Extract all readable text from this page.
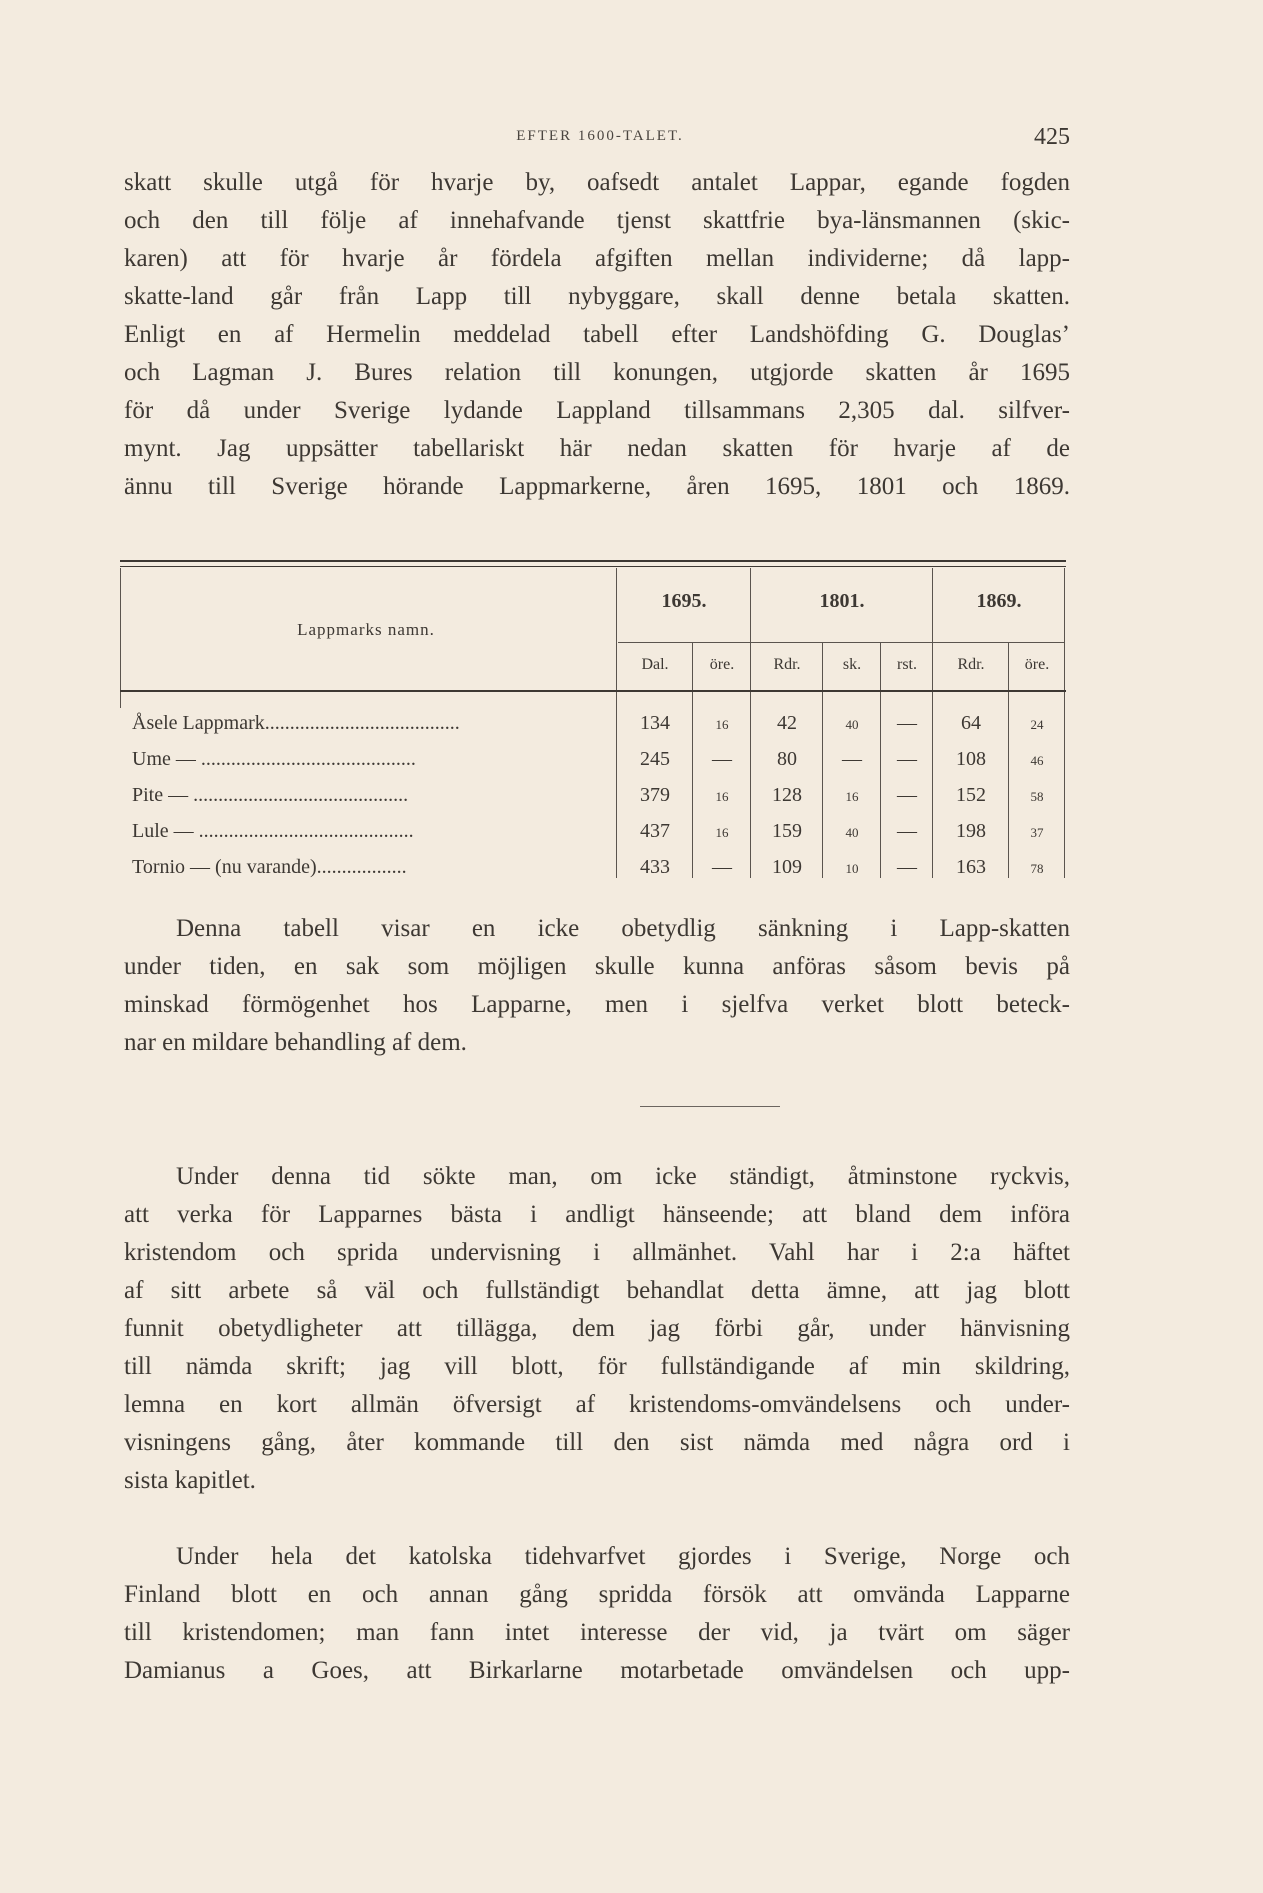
EFTER 1600-TALET.	425
skatt skulle utgå för hvarje by, oafsedt antalet Lappar, egande fogden
och den till följe af innehafvande tjenst skattfrie bya-länsmannen (skic-
karen) att för hvarje år fördela afgiften mellan individerne; då lapp-
skatte-land går från Lapp till nybyggare, skall denne betala skatten.
Enligt en af Hermelin meddelad tabell efter Landshöfding G. Douglas’
och Lagman J. Bures relation till konungen, utgjorde skatten år 1695
för då under Sverige lydande Lappland tillsammans 2,305 dal. silfver-
mynt. Jag uppsätter tabellariskt här nedan skatten för hvarje af de
ännu till Sverige hörande Lappmarkerne, åren 1695, 1801 och 1869.
Lappmarks namn.
1695.	1801.	1869.
Dal.	öre.	Rdr.	sk.	rst.	Rdr.	öre.
Åsele Lappmark.......................................	134	16	42	40	—	64	24
Ume — ...........................................	245	—	80	—	—	108	46
Pite — ...........................................	379	16	128	16	—	152	58
Lule — ...........................................	437	16	159	40	—	198	37
Tornio — (nu varande)..................	433	—	109	10	—	163	78
Denna tabell visar en icke obetydlig sänkning i Lapp-skatten
under tiden, en sak som möjligen skulle kunna anföras såsom bevis på
minskad förmögenhet hos Lapparne, men i sjelfva verket blott beteck-
nar en mildare behandling af dem.
Under denna tid sökte man, om icke ständigt, åtminstone ryckvis,
att verka för Lapparnes bästa i andligt hänseende; att bland dem införa
kristendom och sprida undervisning i allmänhet. Vahl har i 2:a häftet
af sitt arbete så väl och fullständigt behandlat detta ämne, att jag blott
funnit obetydligheter att tillägga, dem jag förbi går, under hänvisning
till nämda skrift; jag vill blott, för fullständigande af min skildring,
lemna en kort allmän öfversigt af kristendoms-omvändelsens och under-
visningens gång, åter kommande till den sist nämda med några ord i
sista kapitlet.
Under hela det katolska tidehvarfvet gjordes i Sverige, Norge och
Finland blott en och annan gång spridda försök att omvända Lapparne
till kristendomen; man fann intet interesse der vid, ja tvärt om säger
Damianus a Goes, att Birkarlarne motarbetade omvändelsen och upp-
